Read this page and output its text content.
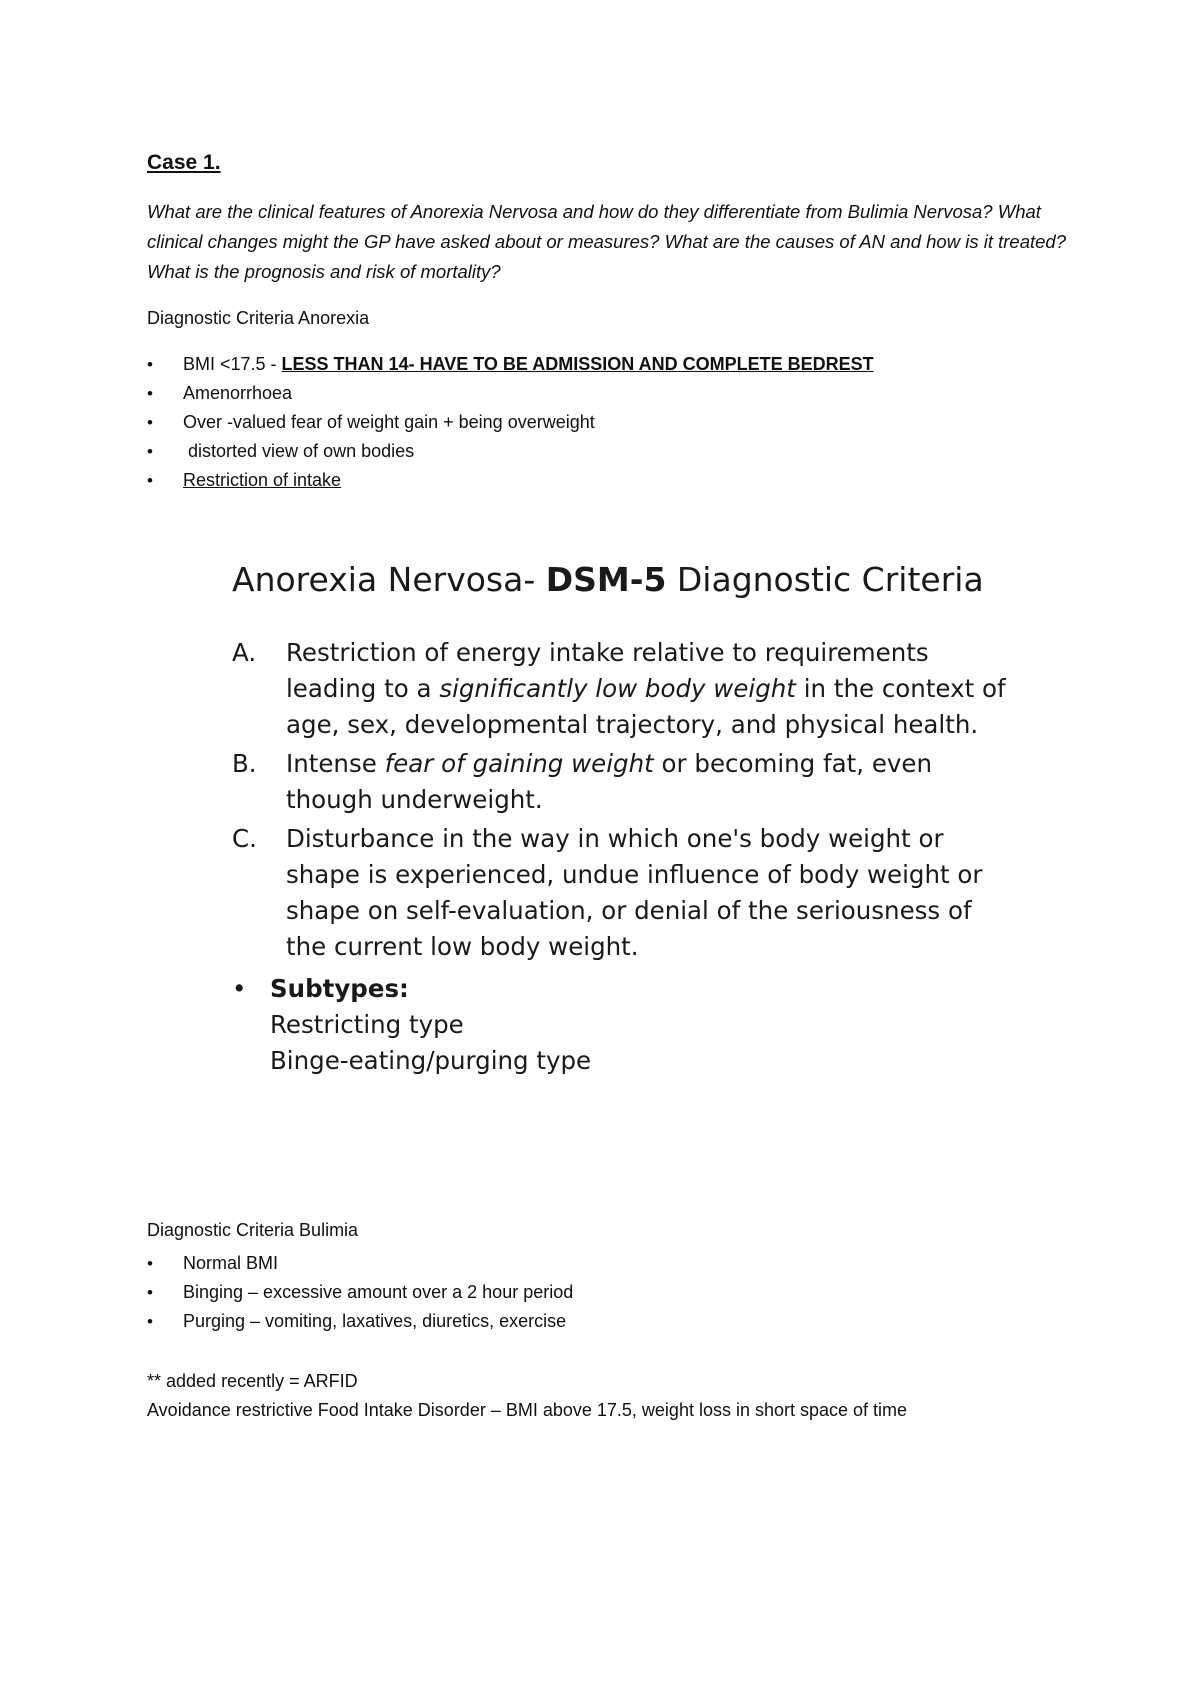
Case 1.
What are the clinical features of Anorexia Nervosa and how do they differentiate from Bulimia Nervosa? What clinical changes might the GP have asked about or measures? What are the causes of AN and how is it treated? What is the prognosis and risk of mortality?
Diagnostic Criteria Anorexia
•	BMI <17.5 - LESS THAN 14- HAVE TO BE ADMISSION AND COMPLETE BEDREST
•	Amenorrhoea
•	Over -valued fear of weight gain + being overweight
•	distorted view of own bodies
•	Restriction of intake
Anorexia Nervosa- DSM-5 Diagnostic Criteria
A.	Restriction of energy intake relative to requirements leading to a significantly low body weight in the context of age, sex, developmental trajectory, and physical health.
B.	Intense fear of gaining weight or becoming fat, even though underweight.
C.	Disturbance in the way in which one's body weight or shape is experienced, undue influence of body weight or shape on self-evaluation, or denial of the seriousness of the current low body weight.
• Subtypes:
Restricting type
Binge-eating/purging type
Diagnostic Criteria Bulimia
•	Normal BMI
•	Binging – excessive amount over a 2 hour period
•	Purging – vomiting, laxatives, diuretics, exercise
** added recently = ARFID
Avoidance restrictive Food Intake Disorder – BMI above 17.5, weight loss in short space of time
